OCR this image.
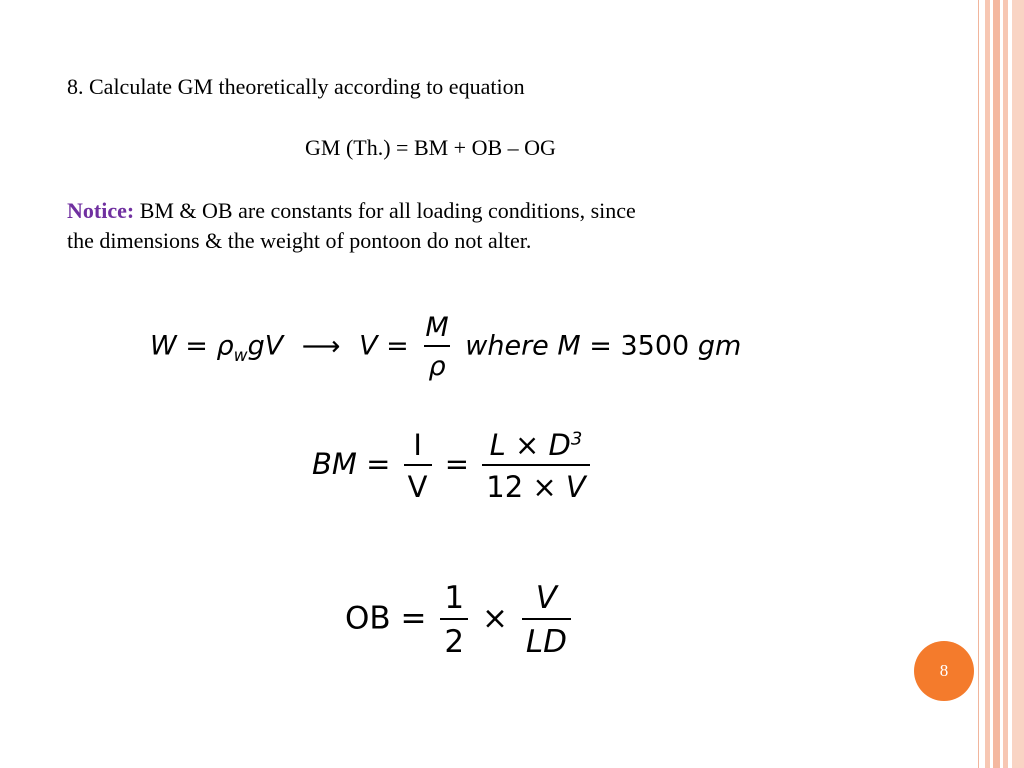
8. Calculate GM theoretically according to equation
GM (Th.) = BM + OB – OG
Notice: BM & OB are constants for all loading conditions, since
the dimensions & the weight of pontoon do not alter.
$W = \rho_wgV$ ⟶ $V = \frac{M}{\rho}$ where M = 3500 gm
BM = $\frac{I}{V} = \frac{L \times D^3}{12 \times V}$
OB = $\frac{1}{2} \times \frac{V}{LD}$
8
